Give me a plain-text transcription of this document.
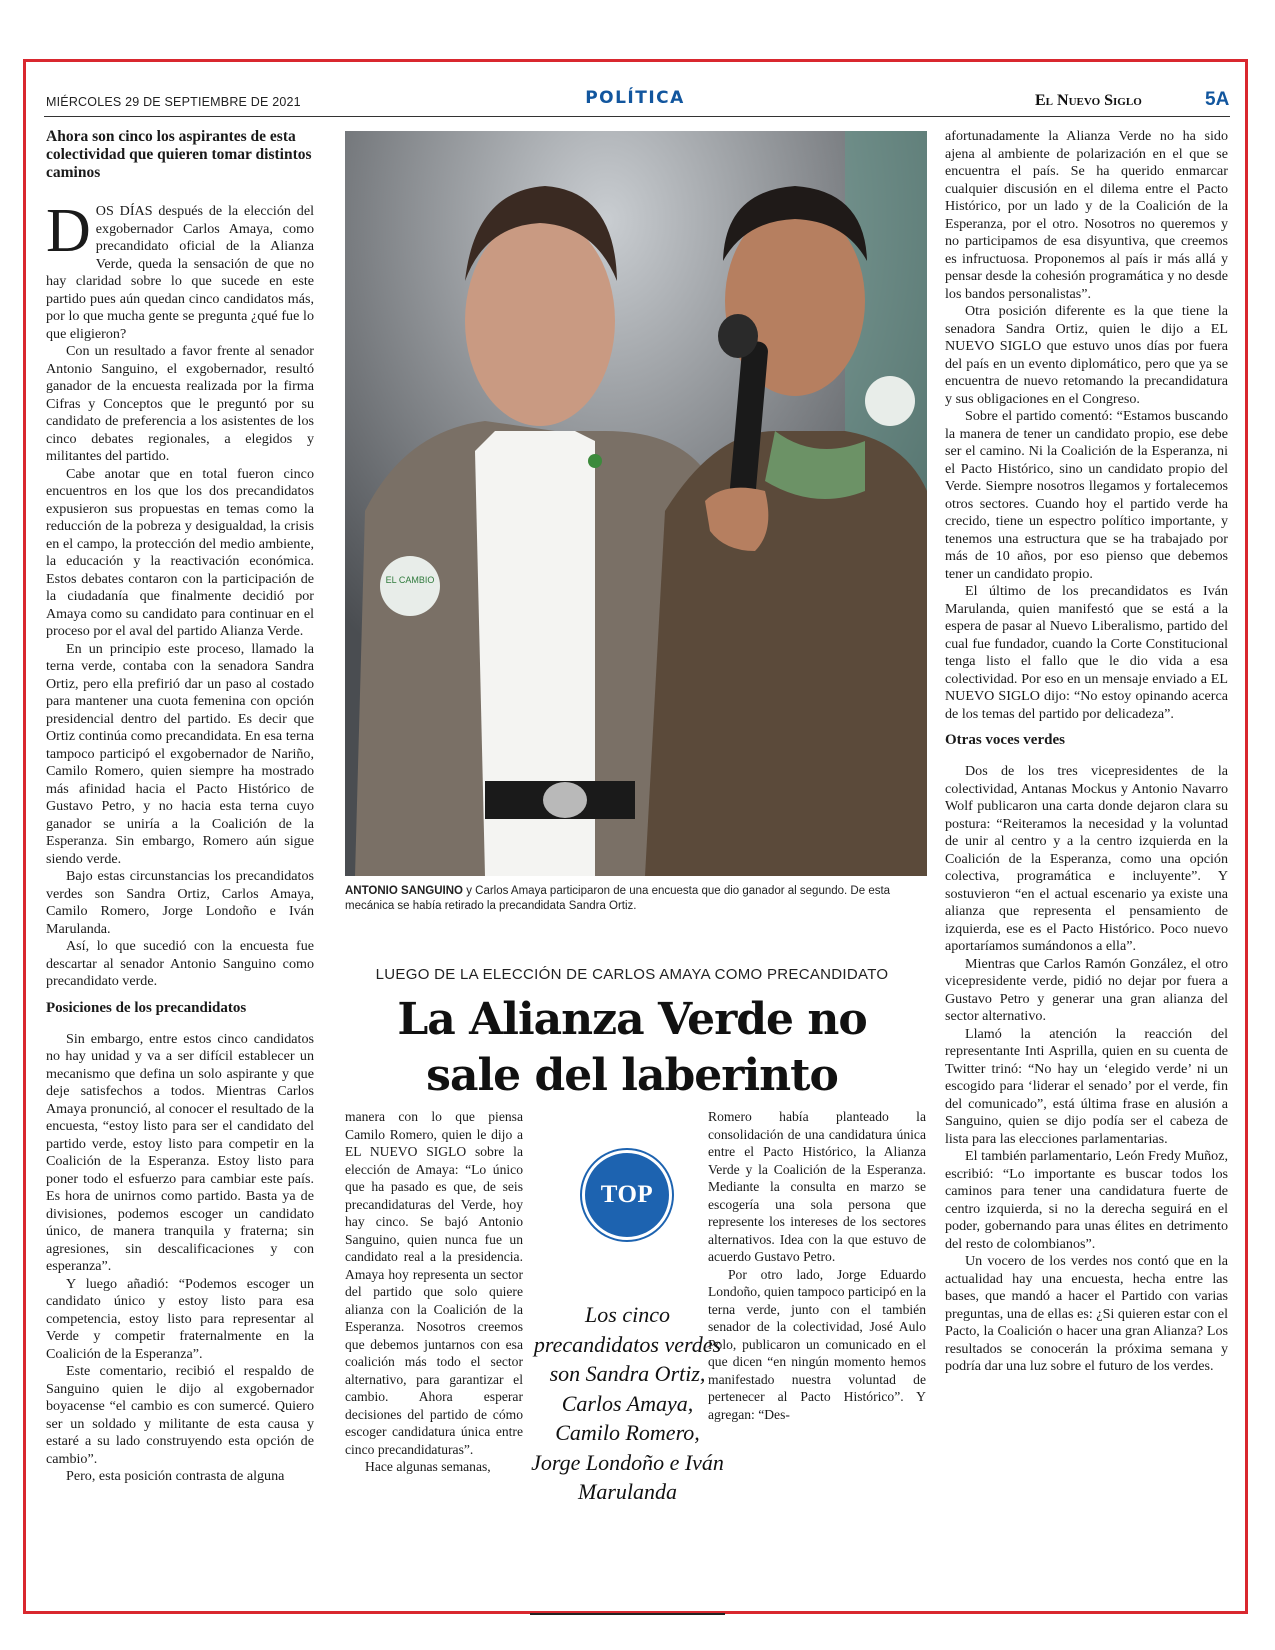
MIÉRCOLES 29 DE SEPTIEMBRE DE 2021	POLÍTICA	El Nuevo Siglo	5A
Ahora son cinco los aspirantes de esta colectividad que quieren tomar distintos caminos

DOS DÍAS después de la elección del exgobernador Carlos Amaya, como precandidato oficial de la Alianza Verde, queda la sensación de que no hay claridad sobre lo que sucede en este partido pues aún quedan cinco candidatos más, por lo que mucha gente se pregunta ¿qué fue lo que eligieron?

Con un resultado a favor frente al senador Antonio Sanguino, el exgobernador, resultó ganador de la encuesta realizada por la firma Cifras y Conceptos que le preguntó por su candidato de preferencia a los asistentes de los cinco debates regionales, a elegidos y militantes del partido.

Cabe anotar que en total fueron cinco encuentros en los que los dos precandidatos expusieron sus propuestas en temas como la reducción de la pobreza y desigualdad, la crisis en el campo, la protección del medio ambiente, la educación y la reactivación económica. Estos debates contaron con la participación de la ciudadanía que finalmente decidió por Amaya como su candidato para continuar en el proceso por el aval del partido Alianza Verde.

En un principio este proceso, llamado la terna verde, contaba con la senadora Sandra Ortiz, pero ella prefirió dar un paso al costado para mantener una cuota femenina con opción presidencial dentro del partido. Es decir que Ortiz continúa como precandidata. En esa terna tampoco participó el exgobernador de Nariño, Camilo Romero, quien siempre ha mostrado más afinidad hacia el Pacto Histórico de Gustavo Petro, y no hacia esta terna cuyo ganador se uniría a la Coalición de la Esperanza. Sin embargo, Romero aún sigue siendo verde.

Bajo estas circunstancias los precandidatos verdes son Sandra Ortiz, Carlos Amaya, Camilo Romero, Jorge Londoño e Iván Marulanda.

Así, lo que sucedió con la encuesta fue descartar al senador Antonio Sanguino como precandidato verde.

Posiciones de los precandidatos

Sin embargo, entre estos cinco candidatos no hay unidad y va a ser difícil establecer un mecanismo que defina un solo aspirante y que deje satisfechos a todos. Mientras Carlos Amaya pronunció, al conocer el resultado de la encuesta, “estoy listo para ser el candidato del partido verde, estoy listo para competir en la Coalición de la Esperanza. Estoy listo para poner todo el esfuerzo para cambiar este país. Es hora de unirnos como partido. Basta ya de divisiones, podemos escoger un candidato único, de manera tranquila y fraterna; sin agresiones, sin descalificaciones y con esperanza”.

Y luego añadió: “Podemos escoger un candidato único y estoy listo para esa competencia, estoy listo para representar al Verde y competir fraternalmente en la Coalición de la Esperanza”.

Este comentario, recibió el respaldo de Sanguino quien le dijo al exgobernador boyacense “el cambio es con sumercé. Quiero ser un soldado y militante de esta causa y estaré a su lado construyendo esta opción de cambio”.

Pero, esta posición contrasta de alguna

EL CAMBIO
ANTONIO SANGUINO y Carlos Amaya participaron de una encuesta que dio ganador al segundo. De esta mecánica se había retirado la precandidata Sandra Ortiz.
LUEGO DE LA ELECCIÓN DE CARLOS AMAYA COMO PRECANDIDATO
La Alianza Verde no sale del laberinto

manera con lo que piensa Camilo Romero, quien le dijo a EL NUEVO SIGLO sobre la elección de Amaya: “Lo único que ha pasado es que, de seis precandidaturas del Verde, hoy hay cinco. Se bajó Antonio Sanguino, quien nunca fue un candidato real a la presidencia. Amaya hoy representa un sector del partido que solo quiere alianza con la Coalición de la Esperanza. Nosotros creemos que debemos juntarnos con esa coalición más todo el sector alternativo, para garantizar el cambio. Ahora esperar decisiones del partido de cómo escoger candidatura única entre cinco precandidaturas”.

Hace algunas semanas,

Romero había planteado la consolidación de una candidatura única entre el Pacto Histórico, la Alianza Verde y la Coalición de la Esperanza. Mediante la consulta en marzo se escogería una sola persona que represente los intereses de los sectores alternativos. Idea con la que estuvo de acuerdo Gustavo Petro.

Por otro lado, Jorge Eduardo Londoño, quien tampoco participó en la terna verde, junto con el también senador de la colectividad, José Aulo Polo, publicaron un comunicado en el que dicen “en ningún momento hemos manifestado nuestra voluntad de pertenecer al Pacto Histórico”. Y agregan: “Des-

TOP
Los cinco precandidatos verdes son Sandra Ortiz, Carlos Amaya, Camilo Romero, Jorge Londoño e Iván Marulanda

afortunadamente la Alianza Verde no ha sido ajena al ambiente de polarización en el que se encuentra el país. Se ha querido enmarcar cualquier discusión en el dilema entre el Pacto Histórico, por un lado y de la Coalición de la Esperanza, por el otro. Nosotros no queremos y no participamos de esa disyuntiva, que creemos es infructuosa. Proponemos al país ir más allá y pensar desde la cohesión programática y no desde los bandos personalistas”.

Otra posición diferente es la que tiene la senadora Sandra Ortiz, quien le dijo a EL NUEVO SIGLO que estuvo unos días por fuera del país en un evento diplomático, pero que ya se encuentra de nuevo retomando la precandidatura y sus obligaciones en el Congreso.

Sobre el partido comentó: “Estamos buscando la manera de tener un candidato propio, ese debe ser el camino. Ni la Coalición de la Esperanza, ni el Pacto Histórico, sino un candidato propio del Verde. Siempre nosotros llegamos y fortalecemos otros sectores. Cuando hoy el partido verde ha crecido, tiene un espectro político importante, y tenemos una estructura que se ha trabajado por más de 10 años, por eso pienso que debemos tener un candidato propio.

El último de los precandidatos es Iván Marulanda, quien manifestó que se está a la espera de pasar al Nuevo Liberalismo, partido del cual fue fundador, cuando la Corte Constitucional tenga listo el fallo que le dio vida a esa colectividad. Por eso en un mensaje enviado a EL NUEVO SIGLO dijo: “No estoy opinando acerca de los temas del partido por delicadeza”.

Otras voces verdes

Dos de los tres vicepresidentes de la colectividad, Antanas Mockus y Antonio Navarro Wolf publicaron una carta donde dejaron clara su postura: “Reiteramos la necesidad y la voluntad de unir al centro y a la centro izquierda en la Coalición de la Esperanza, como una opción colectiva, programática e incluyente”. Y sostuvieron “en el actual escenario ya existe una alianza que representa el pensamiento de izquierda, ese es el Pacto Histórico. Poco nuevo aportaríamos sumándonos a ella”.

Mientras que Carlos Ramón González, el otro vicepresidente verde, pidió no dejar por fuera a Gustavo Petro y generar una gran alianza del sector alternativo.

Llamó la atención la reacción del representante Inti Asprilla, quien en su cuenta de Twitter trinó: “No hay un ‘elegido verde’ ni un escogido para ‘liderar el senado’ por el verde, fin del comunicado”, está última frase en alusión a Sanguino, quien se dijo podía ser el cabeza de lista para las elecciones parlamentarias.

El también parlamentario, León Fredy Muñoz, escribió: “Lo importante es buscar todos los caminos para tener una candidatura fuerte de centro izquierda, si no la derecha seguirá en el poder, gobernando para unas élites en detrimento del resto de colombianos”.

Un vocero de los verdes nos contó que en la actualidad hay una encuesta, hecha entre las bases, que mandó a hacer el Partido con varias preguntas, una de ellas es: ¿Si quieren estar con el Pacto, la Coalición o hacer una gran Alianza? Los resultados se conocerán la próxima semana y podría dar una luz sobre el futuro de los verdes.
